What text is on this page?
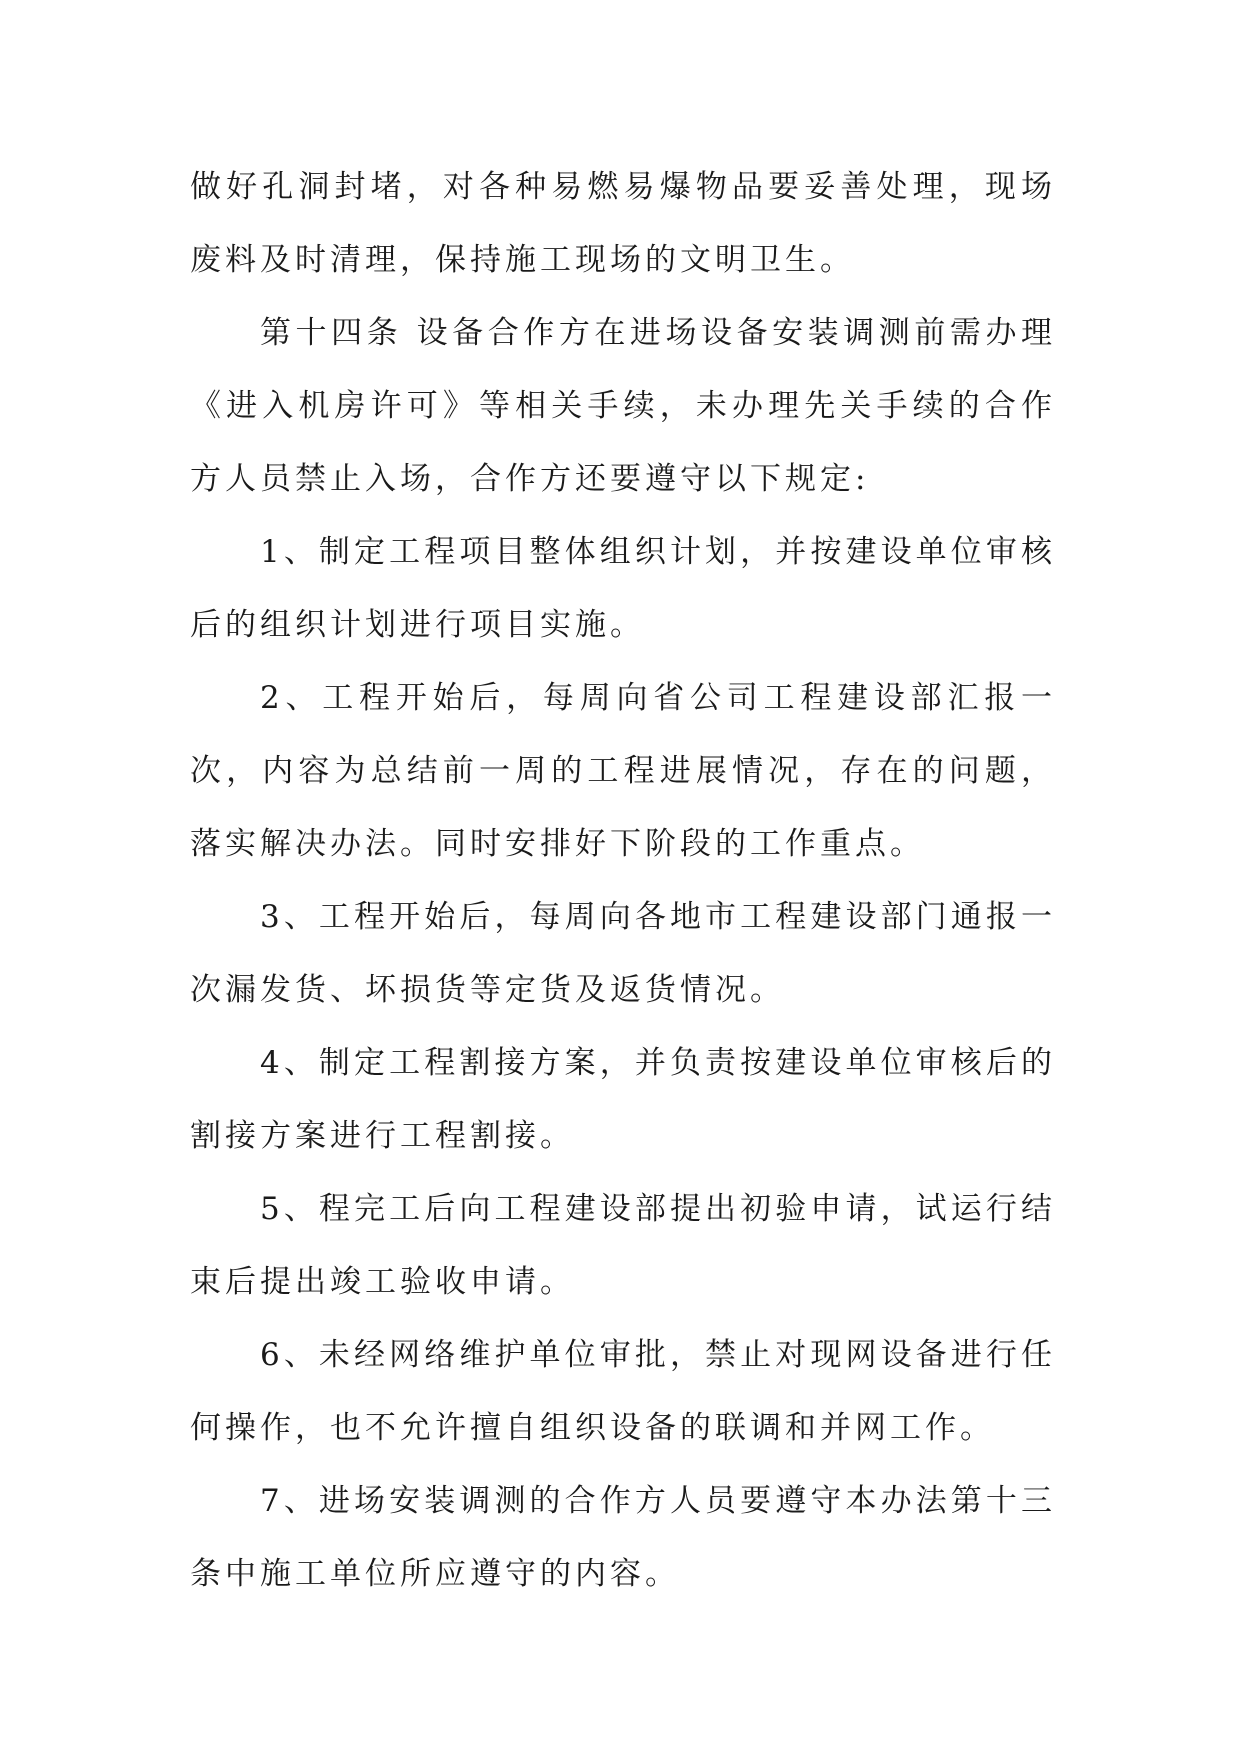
做好孔洞封堵，对各种易燃易爆物品要妥善处理，现场废料及时清理，保持施工现场的文明卫生。

第十四条 设备合作方在进场设备安装调测前需办理《进入机房许可》等相关手续，未办理先关手续的合作方人员禁止入场，合作方还要遵守以下规定:

1、制定工程项目整体组织计划，并按建设单位审核后的组织计划进行项目实施。

2、工程开始后，每周向省公司工程建设部汇报一次，内容为总结前一周的工程进展情况，存在的问题，落实解决办法。同时安排好下阶段的工作重点。

3、工程开始后，每周向各地市工程建设部门通报一次漏发货、坏损货等定货及返货情况。

4、制定工程割接方案，并负责按建设单位审核后的割接方案进行工程割接。

5、程完工后向工程建设部提出初验申请，试运行结束后提出竣工验收申请。

6、未经网络维护单位审批，禁止对现网设备进行任何操作，也不允许擅自组织设备的联调和并网工作。

7、进场安装调测的合作方人员要遵守本办法第十三条中施工单位所应遵守的内容。
